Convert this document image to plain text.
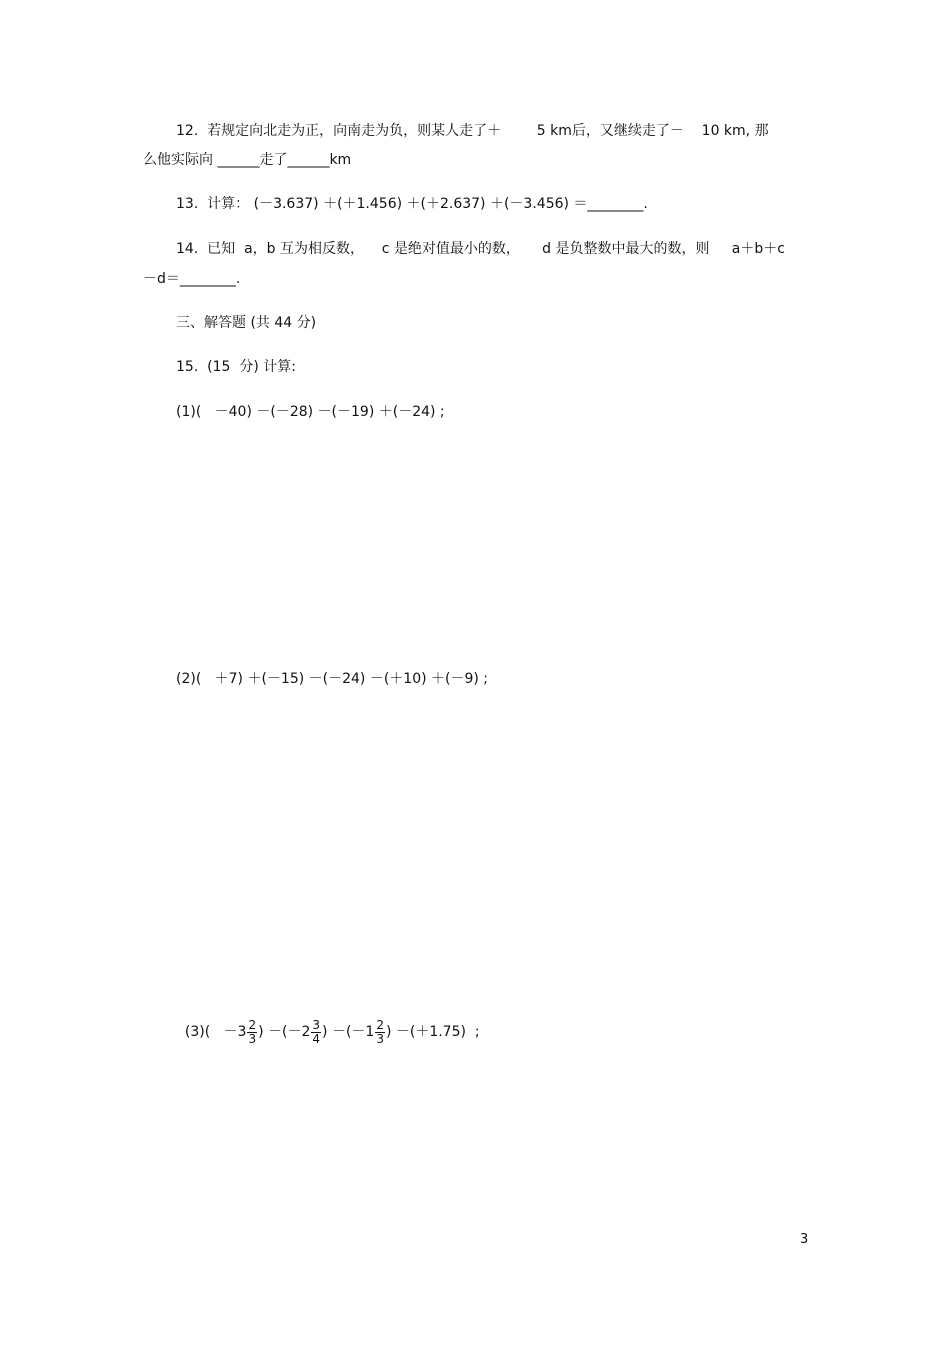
12.  若规定向北走为正，向南走为负，则某人走了＋        5 km后，又继续走了－    10 km, 那
么他实际向 ______走了______km
13.  计算： (－3.637) ＋(＋1.456) ＋(＋2.637) ＋(－3.456) ＝________.
14.  已知  a，b 互为相反数，    c 是绝对值最小的数，     d 是负整数中最大的数，则     a＋b＋c
－d＝________.
三、解答题 (共 44 分)
15.  (15  分) 计算:
(1)(   －40) －(－28) －(－19) ＋(－24) ;
(2)(   ＋7) ＋(－15) －(－24) －(＋10) ＋(－9) ;

$(3)( -3 \frac{2}{3}$ ) $-(-2 \frac{3}{4}$ ) $-(-1 \frac{2}{3}$ ) －(＋1.75)  ;

3
